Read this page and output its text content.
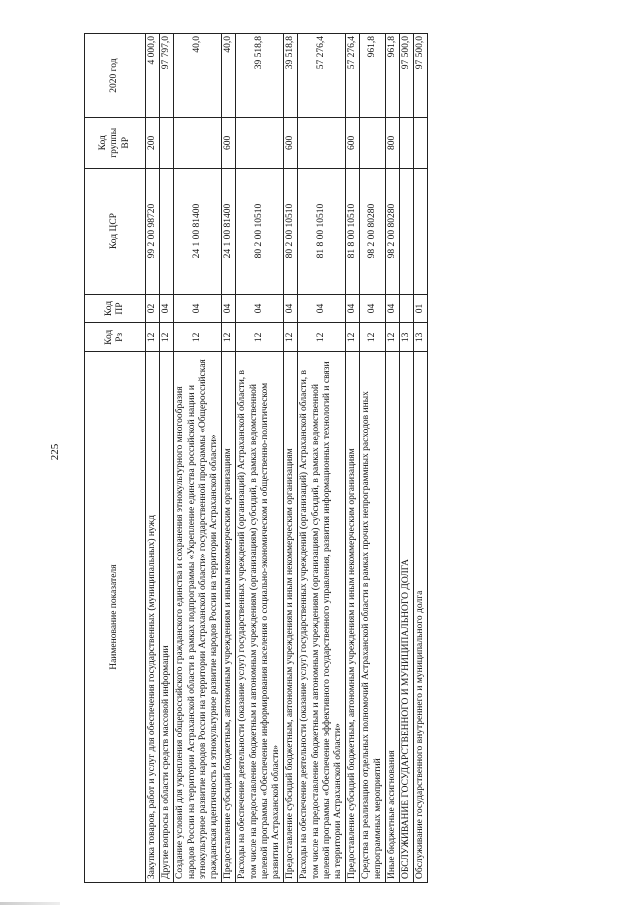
225
Наименование показателя	Код Рз	Код ПР	Код ЦСР	Код группы ВР	2020 год
Закупка товаров, работ и услуг для обеспечения государственных (муниципальных) нужд	12	02	99 2 00 98720	200	4 000,0
Другие вопросы в области средств массовой информации	12	04			97 797,0
Создание условий для укрепления общероссийского гражданского единства и сохранения этнокультурного многообразия народов России на территории Астраханской области в рамках подпрограммы «Укрепление единства российской нации и этнокультурное развитие народов России на территории Астраханской области» государственной программы «Общероссийская гражданская идентичность и этнокультурное развитие народов России на территории Астраханской области»	12	04	24 1 00 81400		40,0
Предоставление субсидий бюджетным, автономным учреждениям и иным некоммерческим организациям	12	04	24 1 00 81400	600	40,0
Расходы на обеспечение деятельности (оказание услуг) государственных учреждений (организаций) Астраханской области, в том числе на предоставление бюджетным и автономным учреждениям (организациям) субсидий, в рамках ведомственной целевой программы «Обеспечение информирования населения о социально-экономическом и общественно-политическом развитии Астраханской области»	12	04	80 2 00 10510		39 518,8
Предоставление субсидий бюджетным, автономным учреждениям и иным некоммерческим организациям	12	04	80 2 00 10510	600	39 518,8
Расходы на обеспечение деятельности (оказание услуг) государственных учреждений (организаций) Астраханской области, в том числе на предоставление бюджетным и автономным учреждениям (организациям) субсидий, в рамках ведомственной целевой программы «Обеспечение эффективного государственного управления, развития информационных технологий и связи на территории Астраханской области»	12	04	81 8 00 10510		57 276,4
Предоставление субсидий бюджетным, автономным учреждениям и иным некоммерческим организациям	12	04	81 8 00 10510	600	57 276,4
Средства на реализацию отдельных полномочий Астраханской области в рамках прочих непрограммных расходов иных непрограммных мероприятий	12	04	98 2 00 80280		961,8
Иные бюджетные ассигнования	12	04	98 2 00 80280	800	961,8
ОБСЛУЖИВАНИЕ ГОСУДАРСТВЕННОГО И МУНИЦИПАЛЬНОГО ДОЛГА	13				97 500,0
Обслуживание государственного внутреннего и муниципального долга	13	01			97 500,0
